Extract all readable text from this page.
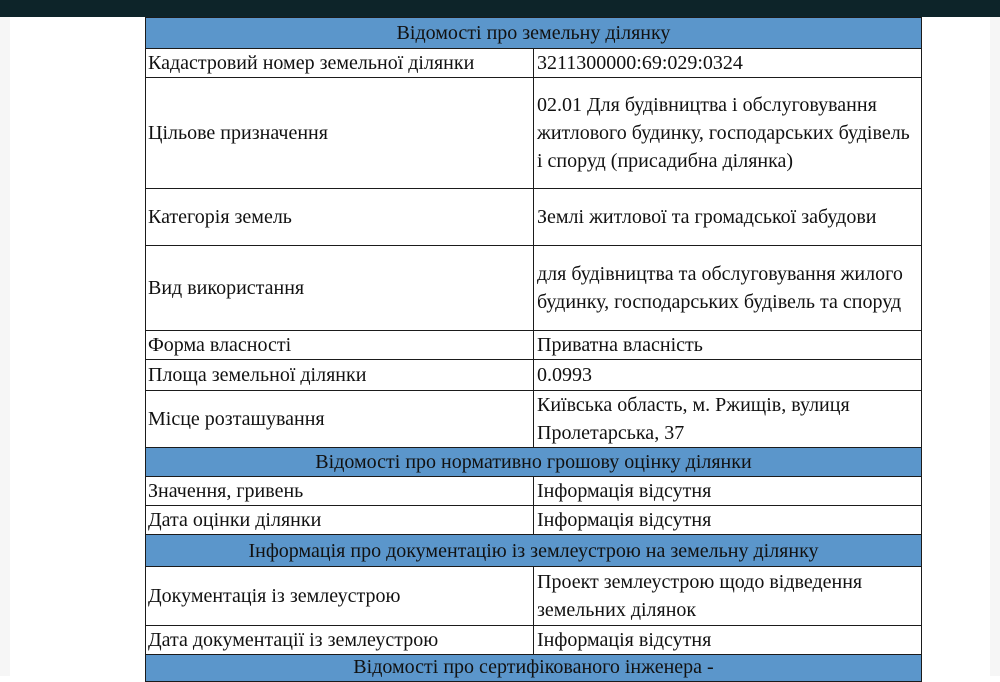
Відомості про земельну ділянку	
Кадастровий номер земельної ділянки	3211300000:69:029:0324
Цільове призначення	02.01 Для будівництва і обслуговування житлового будинку, господарських будівель і споруд (присадибна ділянка)
Категорія земель	Землі житлової та громадської забудови
Вид використання	для будівництва та обслуговування жилого будинку, господарських будівель та споруд
Форма власності	Приватна власність
Площа земельної ділянки	0.0993
Місце розташування	Київська область, м. Ржищів, вулиця Пролетарська, 37
Відомості про нормативно грошову оцінку ділянки	
Значення, гривень	Інформація відсутня
Дата оцінки ділянки	Інформація відсутня
Інформація про документацію із землеустрою на земельну ділянку	
Документація із землеустрою	Проект землеустрою щодо відведення земельних ділянок
Дата документації із землеустрою	Інформація відсутня
Відомості про сертифікованого інженера -	
